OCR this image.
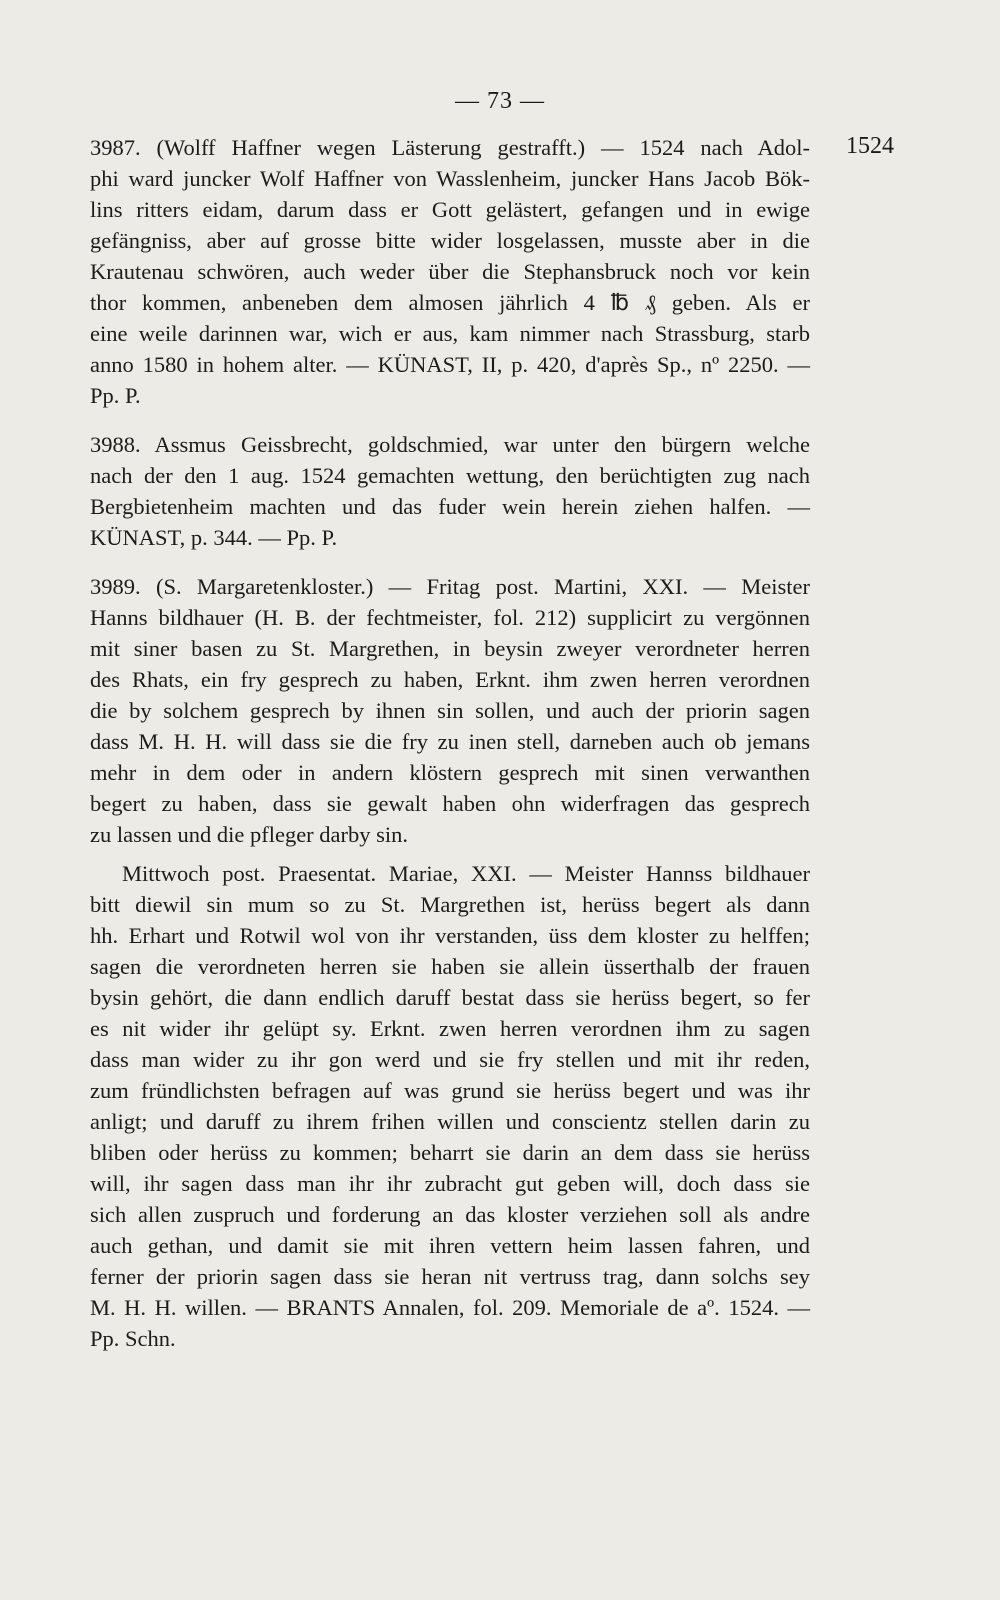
— 73 —
1524
3987. (Wolff Haffner wegen Lästerung gestrafft.) — 1524 nach Adol-
phi ward juncker Wolf Haffner von Wasslenheim, juncker Hans Jacob Bök-
lins ritters eidam, darum dass er Gott gelästert, gefangen und in ewige
gefängniss, aber auf grosse bitte wider losgelassen, musste aber in die
Krautenau schwören, auch weder über die Stephansbruck noch vor kein
thor kommen, anbeneben dem almosen jährlich 4 ℔ ₰ geben. Als er
eine weile darinnen war, wich er aus, kam nimmer nach Strassburg, starb
anno 1580 in hohem alter. — KÜNAST, II, p. 420, d'après Sp., nº 2250. —
Pp. P.
3988. Assmus Geissbrecht, goldschmied, war unter den bürgern welche
nach der den 1 aug. 1524 gemachten wettung, den berüchtigten zug nach
Bergbietenheim machten und das fuder wein herein ziehen halfen. —
KÜNAST, p. 344. — Pp. P.
3989. (S. Margaretenkloster.) — Fritag post. Martini, XXI. — Meister
Hanns bildhauer (H. B. der fechtmeister, fol. 212) supplicirt zu vergönnen
mit siner basen zu St. Margrethen, in beysin zweyer verordneter herren
des Rhats, ein fry gesprech zu haben, Erknt. ihm zwen herren verordnen
die by solchem gesprech by ihnen sin sollen, und auch der priorin sagen
dass M. H. H. will dass sie die fry zu inen stell, darneben auch ob jemans
mehr in dem oder in andern klöstern gesprech mit sinen verwanthen
begert zu haben, dass sie gewalt haben ohn widerfragen das gesprech
zu lassen und die pfleger darby sin.
Mittwoch post. Praesentat. Mariae, XXI. — Meister Hannss bildhauer
bitt diewil sin mum so zu St. Margrethen ist, herüss begert als dann
hh. Erhart und Rotwil wol von ihr verstanden, üss dem kloster zu helffen;
sagen die verordneten herren sie haben sie allein üsserthalb der frauen
bysin gehört, die dann endlich daruff bestat dass sie herüss begert, so fer
es nit wider ihr gelüpt sy. Erknt. zwen herren verordnen ihm zu sagen
dass man wider zu ihr gon werd und sie fry stellen und mit ihr reden,
zum fründlichsten befragen auf was grund sie herüss begert und was ihr
anligt; und daruff zu ihrem frihen willen und conscientz stellen darin zu
bliben oder herüss zu kommen; beharrt sie darin an dem dass sie herüss
will, ihr sagen dass man ihr ihr zubracht gut geben will, doch dass sie
sich allen zuspruch und forderung an das kloster verziehen soll als andre
auch gethan, und damit sie mit ihren vettern heim lassen fahren, und
ferner der priorin sagen dass sie heran nit vertruss trag, dann solchs sey
M. H. H. willen. — BRANTS Annalen, fol. 209. Memoriale de aº. 1524. —
Pp. Schn.
